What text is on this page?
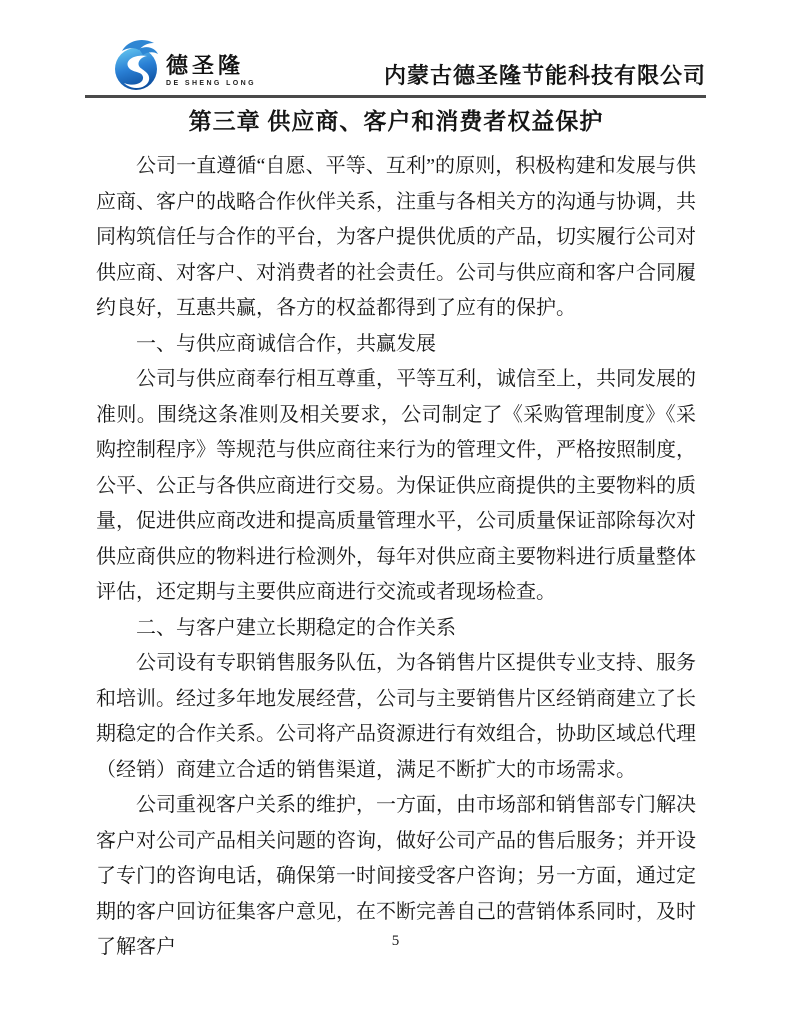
德圣隆
DE SHENG LONG	内蒙古德圣隆节能科技有限公司
第三章 供应商、客户和消费者权益保护

公司一直遵循“自愿、平等、互利”的原则，积极构建和发展与供应商、客户的战略合作伙伴关系，注重与各相关方的沟通与协调，共同构筑信任与合作的平台，为客户提供优质的产品，切实履行公司对供应商、对客户、对消费者的社会责任。公司与供应商和客户合同履约良好，互惠共赢，各方的权益都得到了应有的保护。

一、与供应商诚信合作，共赢发展

公司与供应商奉行相互尊重，平等互利，诚信至上，共同发展的准则。围绕这条准则及相关要求，公司制定了《采购管理制度》《采购控制程序》等规范与供应商往来行为的管理文件，严格按照制度，公平、公正与各供应商进行交易。为保证供应商提供的主要物料的质量，促进供应商改进和提高质量管理水平，公司质量保证部除每次对供应商供应的物料进行检测外，每年对供应商主要物料进行质量整体评估，还定期与主要供应商进行交流或者现场检查。

二、与客户建立长期稳定的合作关系

公司设有专职销售服务队伍，为各销售片区提供专业支持、服务和培训。经过多年地发展经营，公司与主要销售片区经销商建立了长期稳定的合作关系。公司将产品资源进行有效组合，协助区域总代理（经销）商建立合适的销售渠道，满足不断扩大的市场需求。

公司重视客户关系的维护，一方面，由市场部和销售部专门解决客户对公司产品相关问题的咨询，做好公司产品的售后服务；并开设了专门的咨询电话，确保第一时间接受客户咨询；另一方面，通过定期的客户回访征集客户意见，在不断完善自己的营销体系同时，及时了解客户	5
